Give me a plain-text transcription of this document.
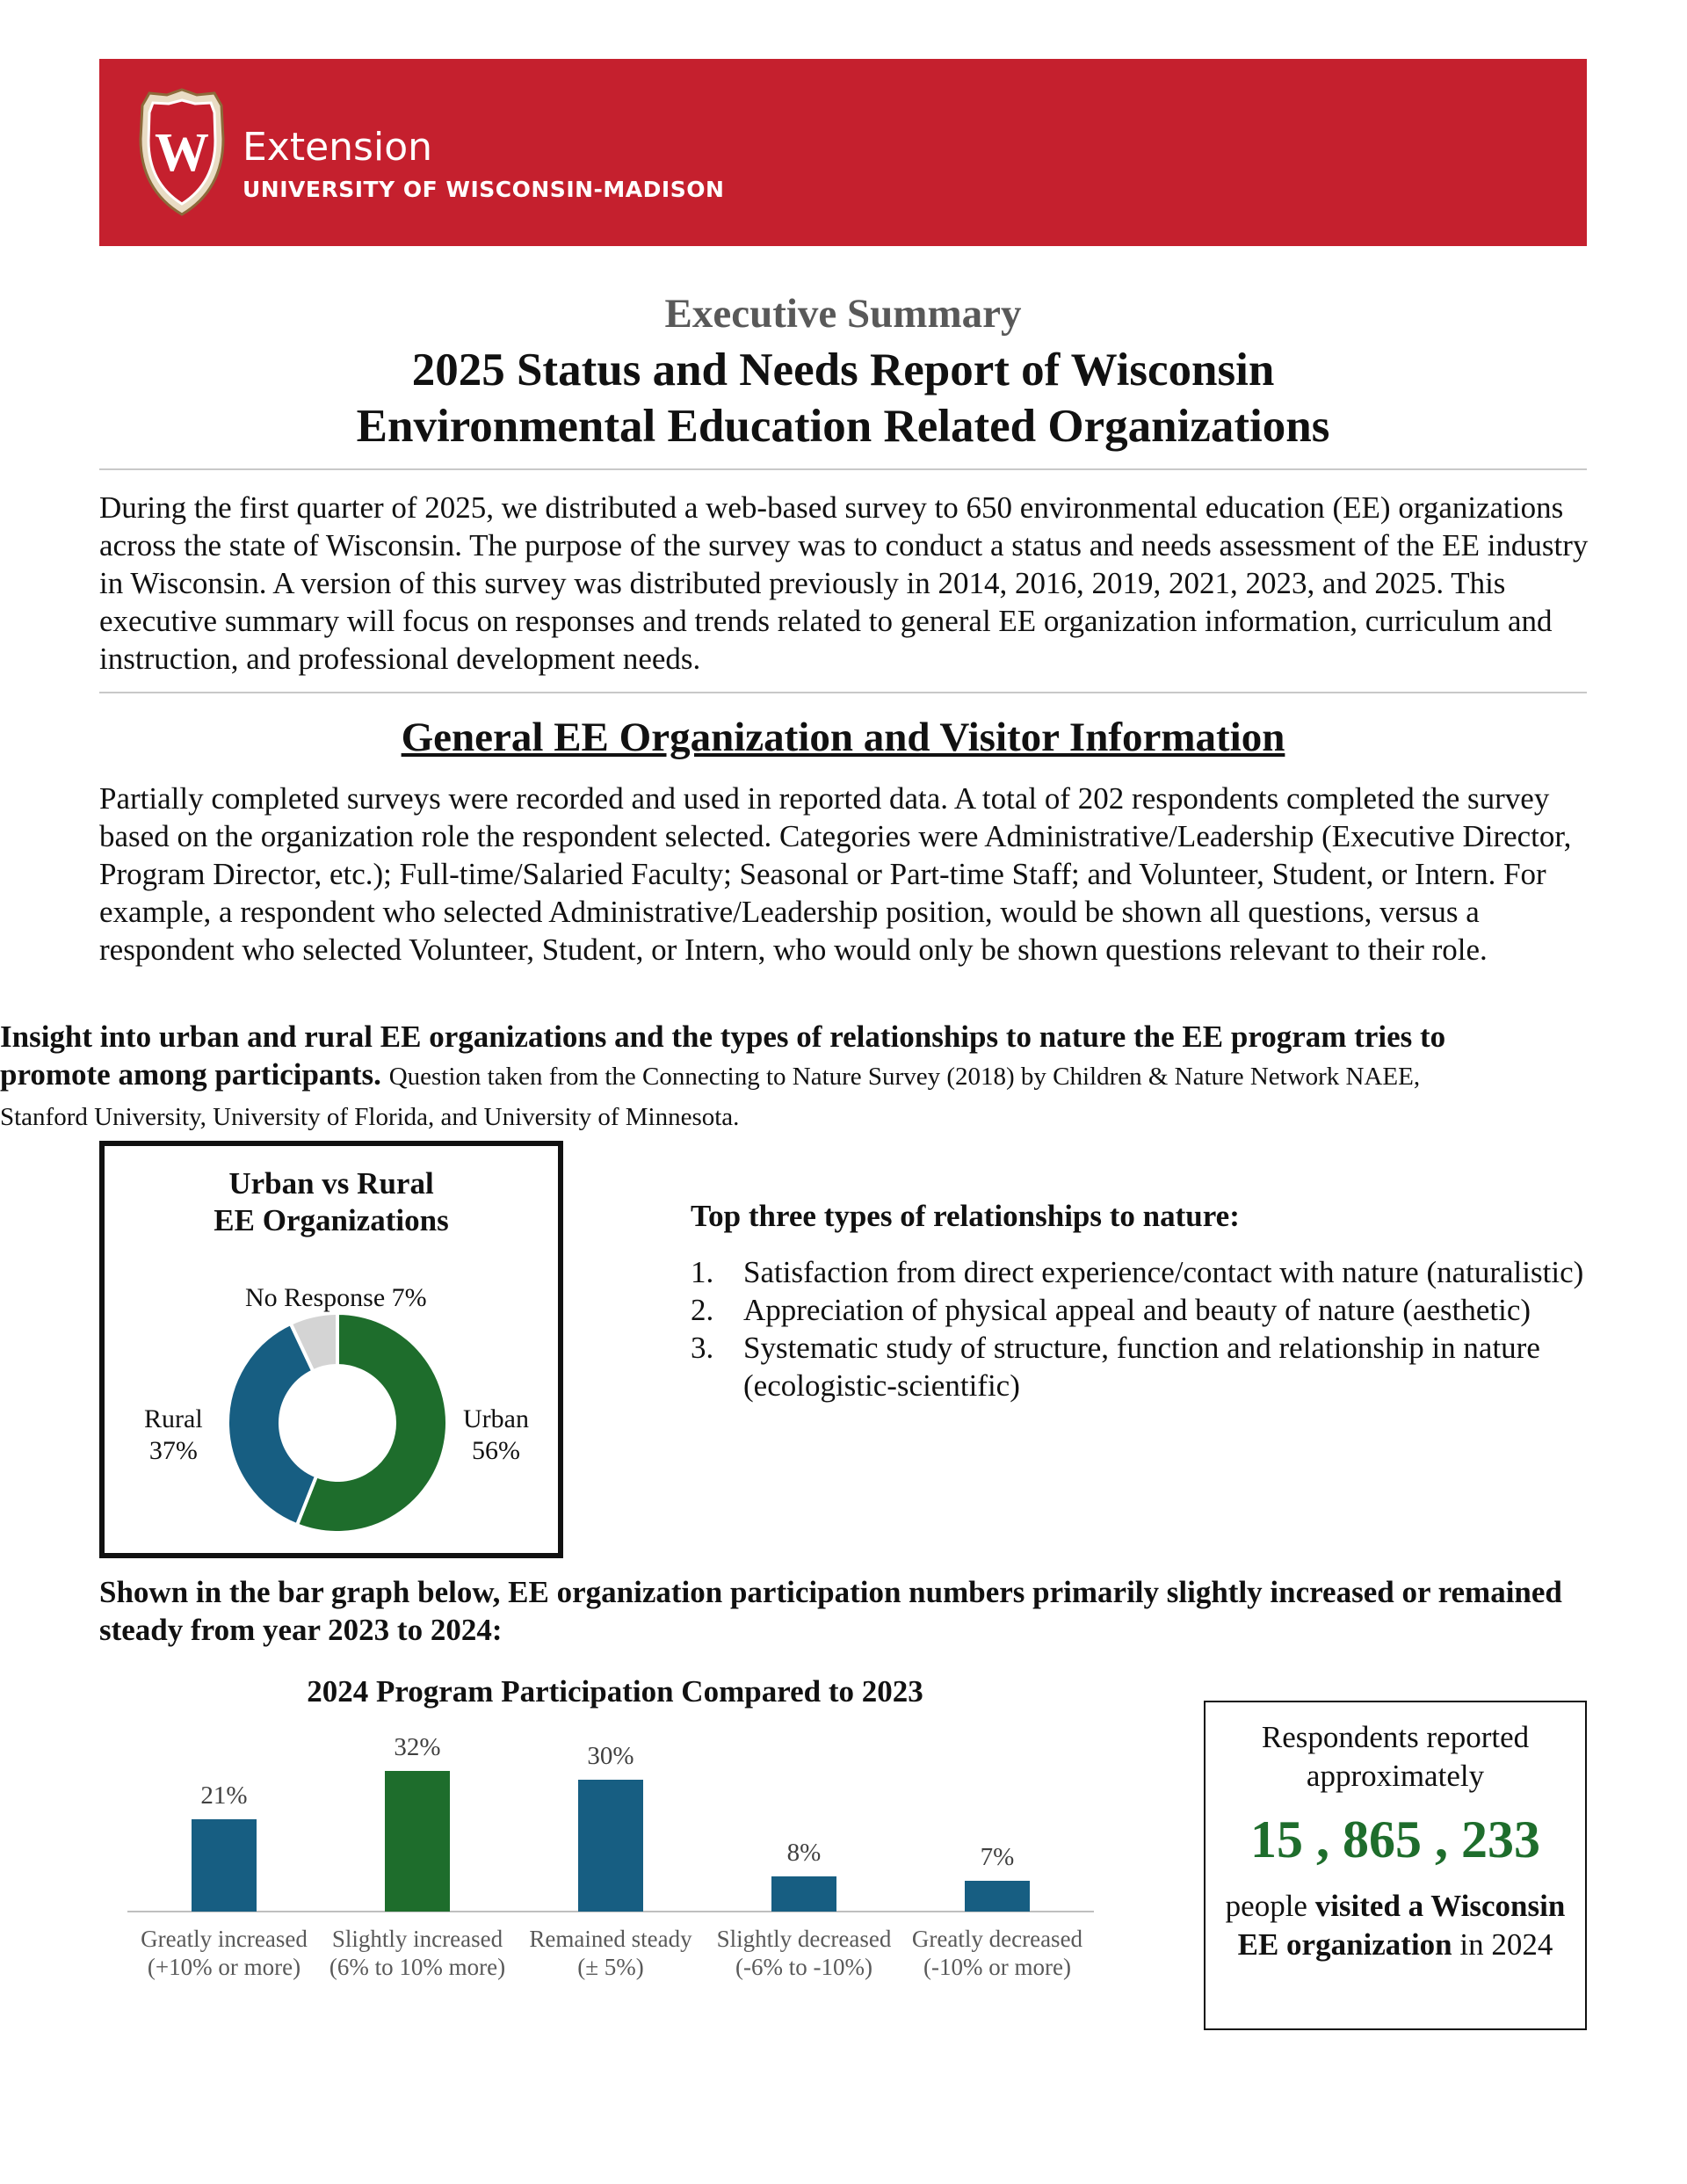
W Extension
UNIVERSITY OF WISCONSIN-MADISON
Executive Summary
2025 Status and Needs Report of Wisconsin
Environmental Education Related Organizations
During the first quarter of 2025, we distributed a web-based survey to 650 environmental education (EE) organizations across the state of Wisconsin. The purpose of the survey was to conduct a status and needs assessment of the EE industry in Wisconsin. A version of this survey was distributed previously in 2014, 2016, 2019, 2021, 2023, and 2025. This executive summary will focus on responses and trends related to general EE organization information, curriculum and instruction, and professional development needs.
General EE Organization and Visitor Information
Partially completed surveys were recorded and used in reported data. A total of 202 respondents completed the survey based on the organization role the respondent selected. Categories were Administrative/Leadership (Executive Director, Program Director, etc.); Full-time/Salaried Faculty; Seasonal or Part-time Staff; and Volunteer, Student, or Intern. For example, a respondent who selected Administrative/Leadership position, would be shown all questions, versus a respondent who selected Volunteer, Student, or Intern, who would only be shown questions relevant to their role.
Insight into urban and rural EE organizations and the types of relationships to nature the EE program tries to promote among participants. Question taken from the Connecting to Nature Survey (2018) by Children & Nature Network NAEE, Stanford University, University of Florida, and University of Minnesota.
Urban vs Rural
EE Organizations
No Response 7%
Rural
37%
Urban
56%
Top three types of relationships to nature:
1. Satisfaction from direct experience/contact with nature (naturalistic)
2. Appreciation of physical appeal and beauty of nature (aesthetic)
3. Systematic study of structure, function and relationship in nature (ecologistic-scientific)
Shown in the bar graph below, EE organization participation numbers primarily slightly increased or remained steady from year 2023 to 2024:
2024 Program Participation Compared to 2023
21%
Greatly increased
(+10% or more)
32%
Slightly increased
(6% to 10% more)
30%
Remained steady
(± 5%)
8%
Slightly decreased
(-6% to -10%)
7%
Greatly decreased
(-10% or more)
Respondents reported approximately
15 , 865 , 233
people visited a Wisconsin EE organization in 2024
